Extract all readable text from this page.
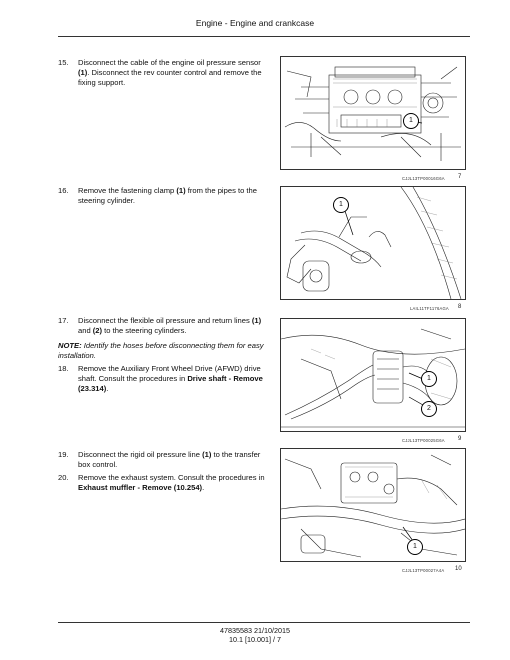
Engine - Engine and crankcase
15. Disconnect the cable of the engine oil pressure sensor (1). Disconnect the rev counter control and remove the fixing support.
16. Remove the fastening clamp (1) from the pipes to the steering cylinder.
17. Disconnect the flexible oil pressure and return lines (1) and (2) to the steering cylinders.
NOTE: Identify the hoses before disconnecting them for easy installation.
18. Remove the Auxiliary Front Wheel Drive (AFWD) drive shaft. Consult the procedures in Drive shaft - Remove (23.314).
19. Disconnect the rigid oil pressure line (1) to the transfer box control.
20. Remove the exhaust system. Consult the procedures in Exhaust muffler - Remove (10.254).
1
CJJL13TP00016G6A 7
1
LAIL11TF1176AGA 8
1
2
CJJL13TP00025G6A 9
1
CJJL13TP00027A4A 10
47835583 21/10/2015
10.1 [10.001] / 7
